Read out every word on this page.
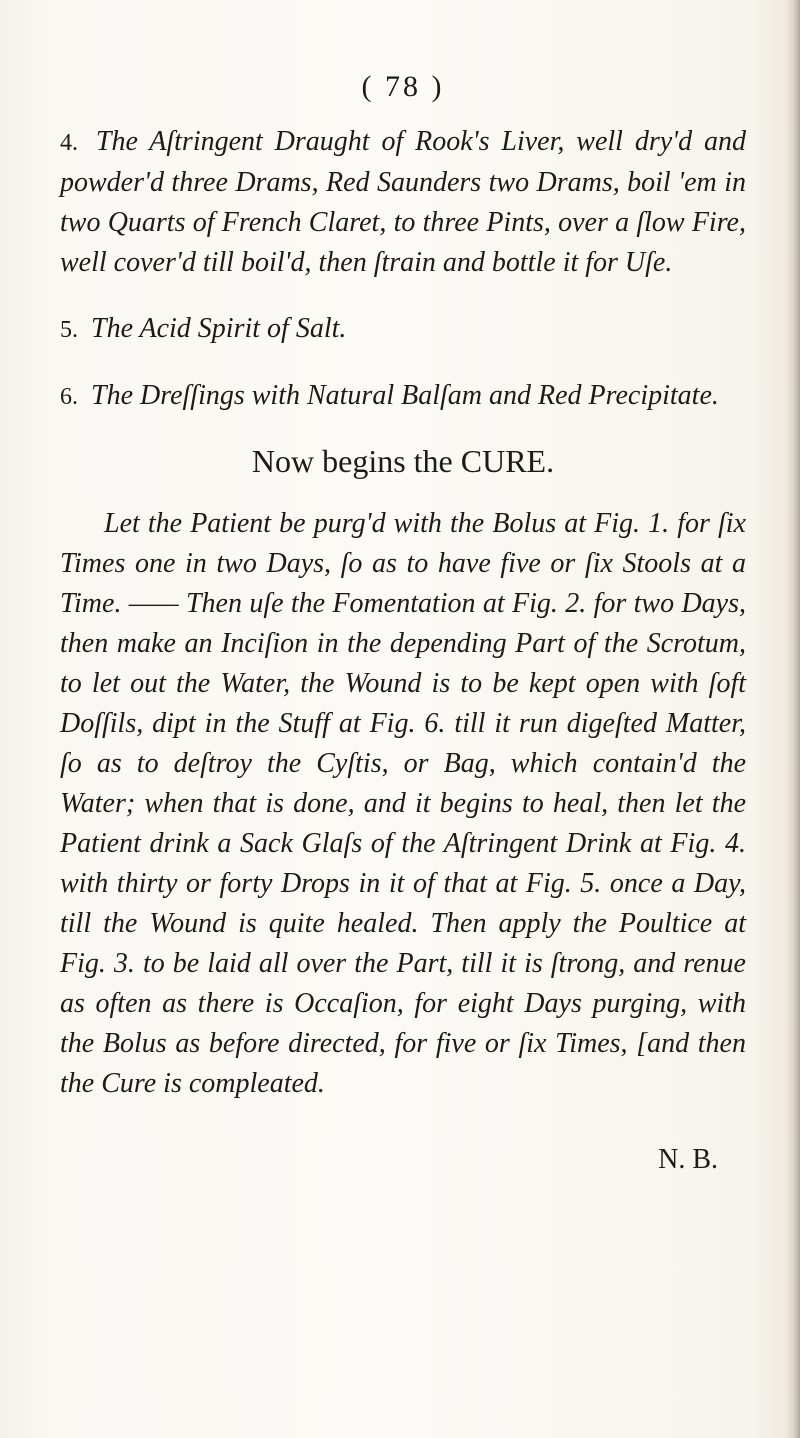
( 78 )

4. The Aſtringent Draught of Rook's Liver, well dry'd and powder'd three Drams, Red Saunders two Drams, boil 'em in two Quarts of French Claret, to three Pints, over a ſlow Fire, well cover'd till boil'd, then ſtrain and bottle it for Uſe.

5. The Acid Spirit of Salt.

6. The Dreſſings with Natural Balſam and Red Precipitate.

Now begins the CURE.

Let the Patient be purg'd with the Bolus at Fig. 1. for ſix Times one in two Days, ſo as to have five or ſix Stools at a Time. —— Then uſe the Fomentation at Fig. 2. for two Days, then make an Inciſion in the depending Part of the Scrotum, to let out the Water, the Wound is to be kept open with ſoft Doſſils, dipt in the Stuff at Fig. 6. till it run digeſted Matter, ſo as to deſtroy the Cyſtis, or Bag, which contain'd the Water; when that is done, and it begins to heal, then let the Patient drink a Sack Glaſs of the Aſtringent Drink at Fig. 4. with thirty or forty Drops in it of that at Fig. 5. once a Day, till the Wound is quite healed. Then apply the Poultice at Fig. 3. to be laid all over the Part, till it is ſtrong, and renue as often as there is Occaſion, for eight Days purging, with the Bolus as before directed, for five or ſix Times, [and then the Cure is compleated.

N. B.
